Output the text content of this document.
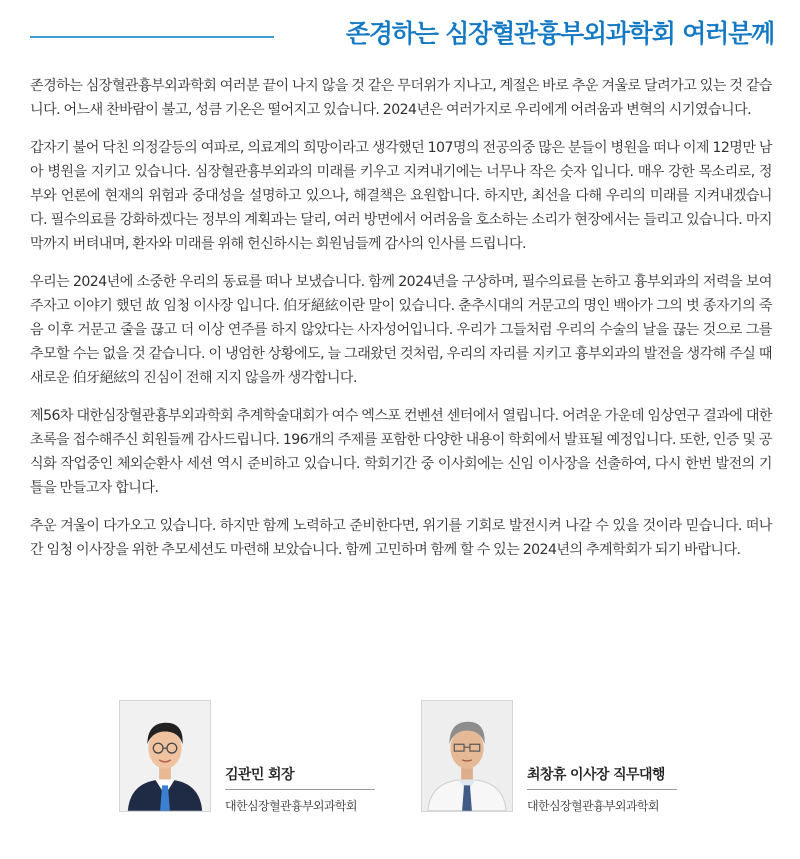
존경하는 심장혈관흉부외과학회 여러분께

존경하는 심장혈관흉부외과학회 여러분 끝이 나지 않을 것 같은 무더위가 지나고, 계절은 바로 추운 겨울로 달려가고 있는 것 같습니다. 어느새 찬바람이 불고, 성큼 기온은 떨어지고 있습니다. 2024년은 여러가지로 우리에게 어려움과 변혁의 시기였습니다.

갑자기 불어 닥친 의정갈등의 여파로, 의료계의 희망이라고 생각했던 107명의 전공의중 많은 분들이 병원을 떠나 이제 12명만 남아 병원을 지키고 있습니다. 심장혈관흉부외과의 미래를 키우고 지켜내기에는 너무나 작은 숫자 입니다. 매우 강한 목소리로, 정부와 언론에 현재의 위험과 중대성을 설명하고 있으나, 해결책은 요원합니다. 하지만, 최선을 다해 우리의 미래를 지켜내겠습니다. 필수의료를 강화하겠다는 정부의 계획과는 달리, 여러 방면에서 어려움을 호소하는 소리가 현장에서는 들리고 있습니다. 마지막까지 버텨내며, 환자와 미래를 위해 헌신하시는 회원님들께 감사의 인사를 드립니다.

우리는 2024년에 소중한 우리의 동료를 떠나 보냈습니다. 함께 2024년을 구상하며, 필수의료를 논하고 흉부외과의 저력을 보여 주자고 이야기 했던 故 임청 이사장 입니다. 伯牙絕絃이란 말이 있습니다. 춘추시대의 거문고의 명인 백아가 그의 벗 종자기의 죽음 이후 거문고 줄을 끊고 더 이상 연주를 하지 않았다는 사자성어입니다. 우리가 그들처럼 우리의 수술의 날을 끊는 것으로 그를 추모할 수는 없을 것 같습니다. 이 냉엄한 상황에도, 늘 그래왔던 것처럼, 우리의 자리를 지키고 흉부외과의 발전을 생각해 주실 때 새로운 伯牙絕絃의 진심이 전해 지지 않을까 생각합니다.

제56차 대한심장혈관흉부외과학회 추계학술대회가 여수 엑스포 컨벤션 센터에서 열립니다. 어려운 가운데 임상연구 결과에 대한 초록을 접수해주신 회원들께 감사드립니다. 196개의 주제를 포함한 다양한 내용이 학회에서 발표될 예정입니다. 또한, 인증 및 공식화 작업중인 체외순환사 세션 역시 준비하고 있습니다. 학회기간 중 이사회에는 신임 이사장을 선출하여, 다시 한번 발전의 기틀을 만들고자 합니다.

추운 겨울이 다가오고 있습니다. 하지만 함께 노력하고 준비한다면, 위기를 기회로 발전시켜 나갈 수 있을 것이라 믿습니다. 떠나간 임청 이사장을 위한 추모세션도 마련해 보았습니다. 함께 고민하며 함께 할 수 있는 2024년의 추계학회가 되기 바랍니다.

김관민 회장
대한심장혈관흉부외과학회
최창휴 이사장 직무대행
대한심장혈관흉부외과학회
